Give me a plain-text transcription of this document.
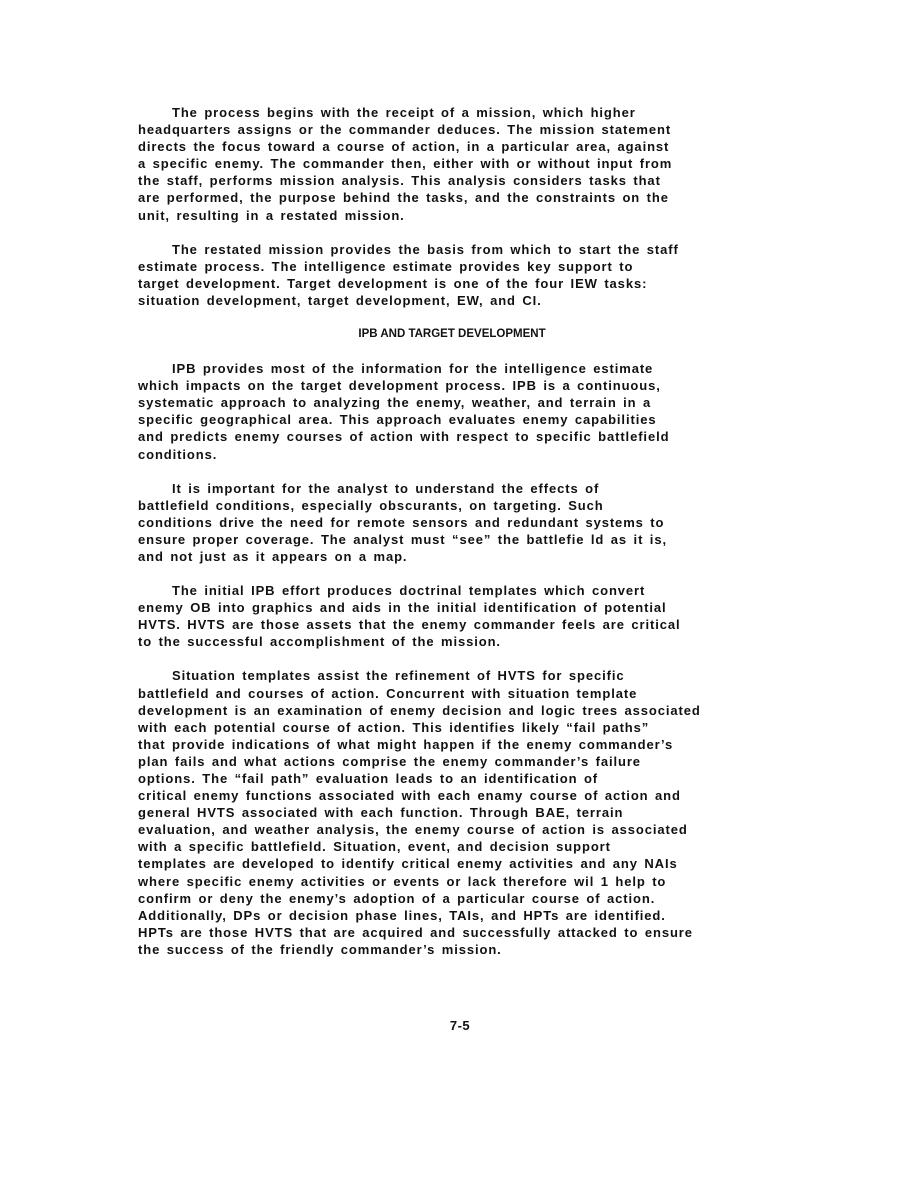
The process begins with the receipt of a mission, which higher
headquarters assigns or the commander deduces. The mission statement
directs the focus toward a course of action, in a particular area, against
a specific enemy. The commander then, either with or without input from
the staff, performs mission analysis. This analysis considers tasks that
are performed, the purpose behind the tasks, and the constraints on the
unit, resulting in a restated mission.

The restated mission provides the basis from which to start the staff
estimate process. The intelligence estimate provides key support to
target development. Target development is one of the four IEW tasks:
situation development, target development, EW, and CI.

IPB AND TARGET DEVELOPMENT

IPB provides most of the information for the intelligence estimate
which impacts on the target development process. IPB is a continuous,
systematic approach to analyzing the enemy, weather, and terrain in a
specific geographical area. This approach evaluates enemy capabilities
and predicts enemy courses of action with respect to specific battlefield
conditions.

It is important for the analyst to understand the effects of
battlefield conditions, especially obscurants, on targeting. Such
conditions drive the need for remote sensors and redundant systems to
ensure proper coverage. The analyst must “see” the battlefie ld as it is,
and not just as it appears on a map.

The initial IPB effort produces doctrinal templates which convert
enemy OB into graphics and aids in the initial identification of potential
HVTS. HVTS are those assets that the enemy commander feels are critical
to the successful accomplishment of the mission.

Situation templates assist the refinement of HVTS for specific
battlefield and courses of action. Concurrent with situation template
development is an examination of enemy decision and logic trees associated
with each potential course of action. This identifies likely “fail paths”
that provide indications of what might happen if the enemy commander’s
plan fails and what actions comprise the enemy commander’s failure
options. The “fail path” evaluation leads to an identification of
critical enemy functions associated with each enamy course of action and
general HVTS associated with each function. Through BAE, terrain
evaluation, and weather analysis, the enemy course of action is associated
with a specific battlefield. Situation, event, and decision support
templates are developed to identify critical enemy activities and any NAIs
where specific enemy activities or events or lack therefore wil 1 help to
confirm or deny the enemy’s adoption of a particular course of action.
Additionally, DPs or decision phase lines, TAIs, and HPTs are identified.
HPTs are those HVTS that are acquired and successfully attacked to ensure
the success of the friendly commander’s mission.

7-5
